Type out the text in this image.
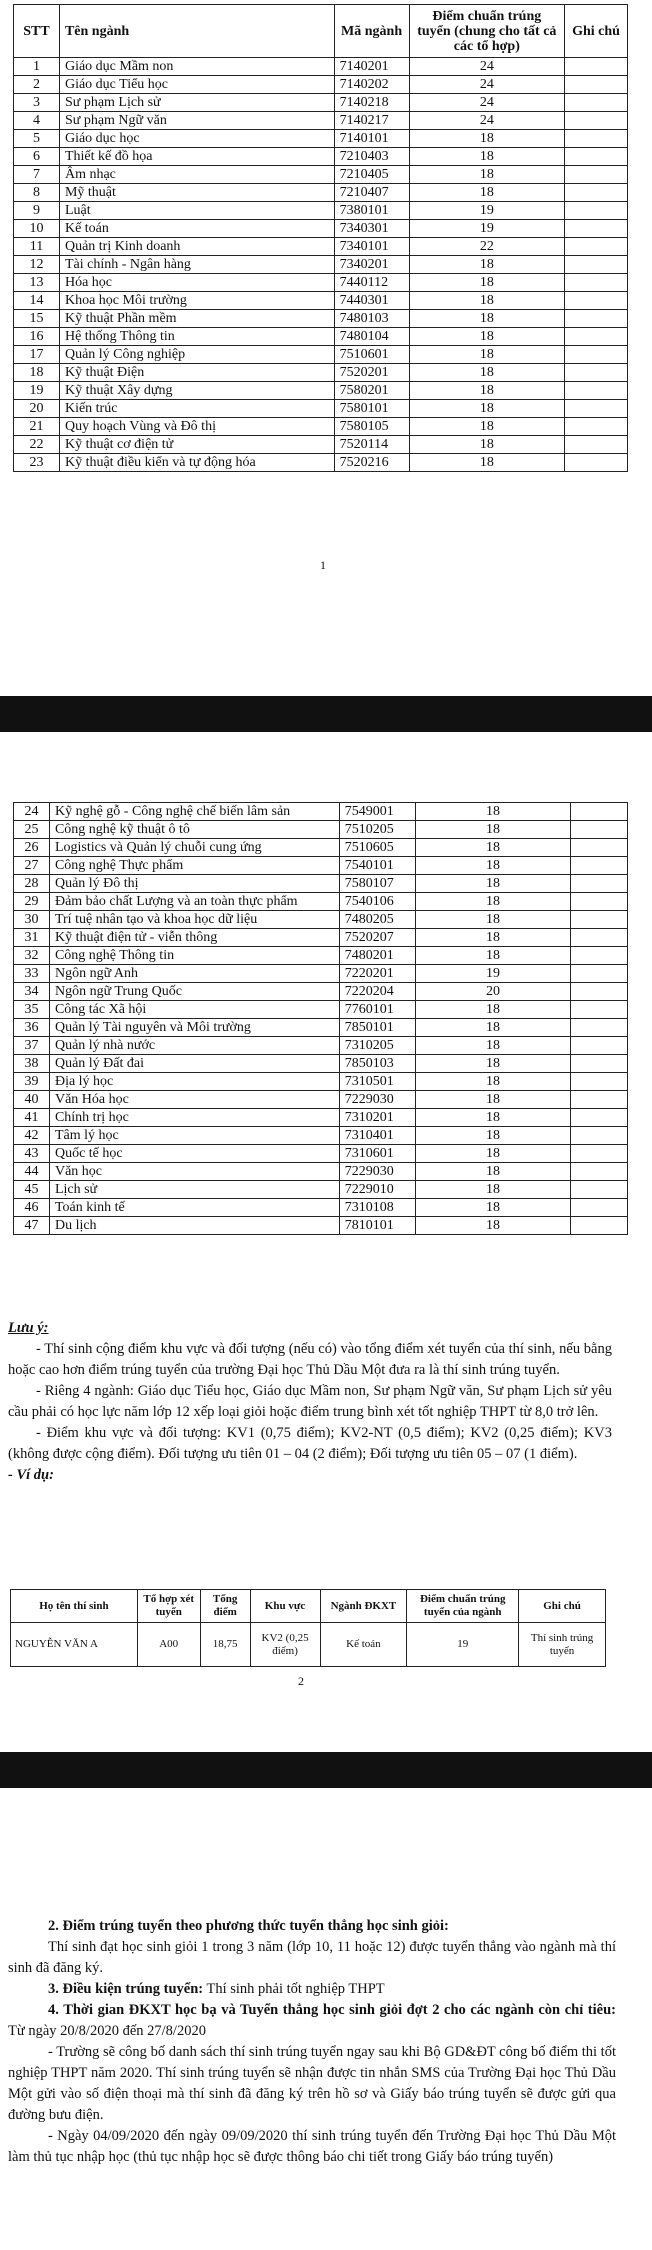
STT	Tên ngành	Mã ngành	Điểm chuẩn trúng tuyển (chung cho tất cả các tổ hợp)	Ghi chú
1	Giáo dục Mầm non	7140201	24	
2	Giáo dục Tiểu học	7140202	24	
3	Sư phạm Lịch sử	7140218	24	
4	Sư phạm Ngữ văn	7140217	24	
5	Giáo dục học	7140101	18	
6	Thiết kế đồ họa	7210403	18	
7	Âm nhạc	7210405	18	
8	Mỹ thuật	7210407	18	
9	Luật	7380101	19	
10	Kế toán	7340301	19	
11	Quản trị Kinh doanh	7340101	22	
12	Tài chính - Ngân hàng	7340201	18	
13	Hóa học	7440112	18	
14	Khoa học Môi trường	7440301	18	
15	Kỹ thuật Phần mềm	7480103	18	
16	Hệ thống Thông tin	7480104	18	
17	Quản lý Công nghiệp	7510601	18	
18	Kỹ thuật Điện	7520201	18	
19	Kỹ thuật Xây dựng	7580201	18	
20	Kiến trúc	7580101	18	
21	Quy hoạch Vùng và Đô thị	7580105	18	
22	Kỹ thuật cơ điện tử	7520114	18	
23	Kỹ thuật điều kiển và tự động hóa	7520216	18	
1
24	Kỹ nghệ gỗ - Công nghệ chế biến lâm sản	7549001	18	
25	Công nghệ kỹ thuật ô tô	7510205	18	
26	Logistics và Quản lý chuỗi cung ứng	7510605	18	
27	Công nghệ Thực phẩm	7540101	18	
28	Quản lý Đô thị	7580107	18	
29	Đảm bảo chất Lượng và an toàn thực phẩm	7540106	18	
30	Trí tuệ nhân tạo và khoa học dữ liệu	7480205	18	
31	Kỹ thuật điện tử - viễn thông	7520207	18	
32	Công nghệ Thông tin	7480201	18	
33	Ngôn ngữ Anh	7220201	19	
34	Ngôn ngữ Trung Quốc	7220204	20	
35	Công tác Xã hội	7760101	18	
36	Quản lý Tài nguyên và Môi trường	7850101	18	
37	Quản lý nhà nước	7310205	18	
38	Quản lý Đất đai	7850103	18	
39	Địa lý học	7310501	18	
40	Văn Hóa học	7229030	18	
41	Chính trị học	7310201	18	
42	Tâm lý học	7310401	18	
43	Quốc tế học	7310601	18	
44	Văn học	7229030	18	
45	Lịch sử	7229010	18	
46	Toán kinh tế	7310108	18	
47	Du lịch	7810101	18	

Lưu ý:

- Thí sinh cộng điểm khu vực và đối tượng (nếu có) vào tổng điểm xét tuyển của thí sinh, nếu bằng hoặc cao hơn điểm trúng tuyển của trường Đại học Thủ Dầu Một đưa ra là thí sinh trúng tuyển.

- Riêng 4 ngành: Giáo dục Tiểu học, Giáo dục Mầm non, Sư phạm Ngữ văn, Sư phạm Lịch sử yêu cầu phải có học lực năm lớp 12 xếp loại giỏi hoặc điểm trung bình xét tốt nghiệp THPT từ 8,0 trở lên.

- Điểm khu vực và đối tượng: KV1 (0,75 điểm); KV2-NT (0,5 điểm); KV2 (0,25 điểm); KV3 (không được cộng điểm). Đối tượng ưu tiên 01 – 04 (2 điểm); Đối tượng ưu tiên 05 – 07 (1 điểm).

- Ví dụ:

Họ tên thí sinh	Tổ hợp xét tuyển	Tổng điểm	Khu vực	Ngành ĐKXT	Điểm chuẩn trúng tuyển của ngành	Ghi chú
NGUYỄN VĂN A	A00	18,75	KV2 (0,25 điểm)	Kế toán	19	Thí sinh trúng tuyển
2

2. Điểm trúng tuyển theo phương thức tuyển thẳng học sinh giỏi:

Thí sinh đạt học sinh giỏi 1 trong 3 năm (lớp 10, 11 hoặc 12) được tuyển thẳng vào ngành mà thí sinh đã đăng ký.

3. Điều kiện trúng tuyển: Thí sinh phải tốt nghiệp THPT

4. Thời gian ĐKXT học bạ và Tuyển thẳng học sinh giỏi đợt 2 cho các ngành còn chỉ tiêu: Từ ngày 20/8/2020 đến 27/8/2020

- Trường sẽ công bố danh sách thí sinh trúng tuyển ngay sau khi Bộ GD&ĐT công bố điểm thi tốt nghiệp THPT năm 2020. Thí sinh trúng tuyển sẽ nhận được tin nhắn SMS của Trường Đại học Thủ Dầu Một gửi vào số điện thoại mà thí sinh đã đăng ký trên hồ sơ và Giấy báo trúng tuyển sẽ được gửi qua đường bưu điện.

- Ngày 04/09/2020 đến ngày 09/09/2020 thí sinh trúng tuyển đến Trường Đại học Thủ Dầu Một làm thủ tục nhập học (thủ tục nhập học sẽ được thông báo chi tiết trong Giấy báo trúng tuyển)
